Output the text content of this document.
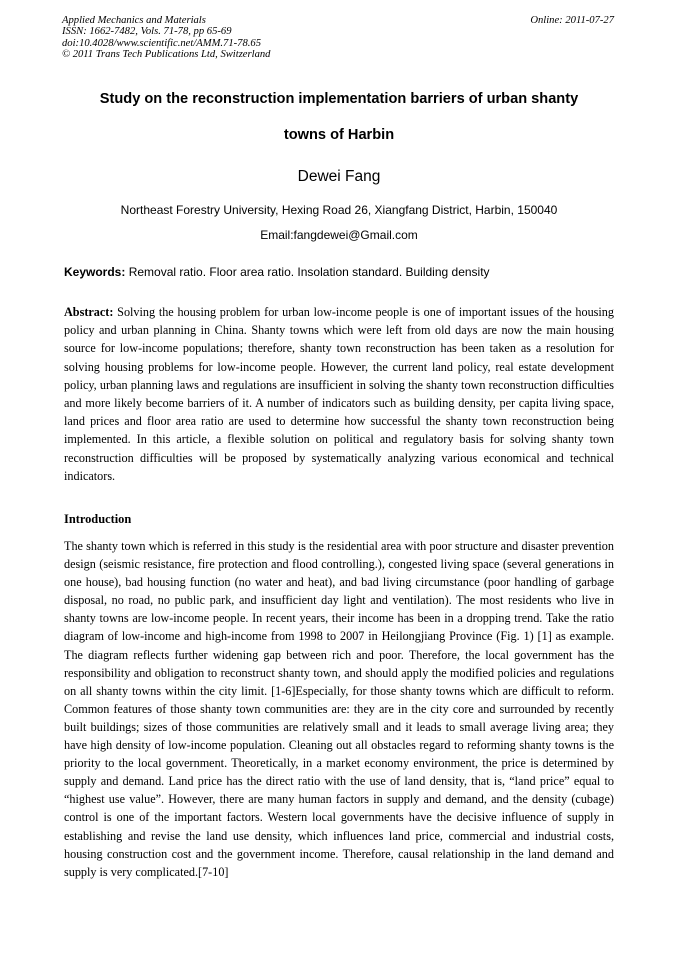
Applied Mechanics and Materials
ISSN: 1662-7482, Vols. 71-78, pp 65-69
doi:10.4028/www.scientific.net/AMM.71-78.65
© 2011 Trans Tech Publications Ltd, Switzerland
Online: 2011-07-27
Study on the reconstruction implementation barriers of urban shanty
towns of Harbin
Dewei Fang
Northeast Forestry University, Hexing Road 26, Xiangfang District, Harbin, 150040
Email:fangdewei@Gmail.com
Keywords: Removal ratio. Floor area ratio. Insolation standard. Building density
Abstract: Solving the housing problem for urban low-income people is one of important issues of the housing policy and urban planning in China. Shanty towns which were left from old days are now the main housing source for low-income populations; therefore, shanty town reconstruction has been taken as a resolution for solving housing problems for low-income people. However, the current land policy, real estate development policy, urban planning laws and regulations are insufficient in solving the shanty town reconstruction difficulties and more likely become barriers of it. A number of indicators such as building density, per capita living space, land prices and floor area ratio are used to determine how successful the shanty town reconstruction being implemented. In this article, a flexible solution on political and regulatory basis for solving shanty town reconstruction difficulties will be proposed by systematically analyzing various economical and technical indicators.
Introduction

The shanty town which is referred in this study is the residential area with poor structure and disaster prevention design (seismic resistance, fire protection and flood controlling.), congested living space (several generations in one house), bad housing function (no water and heat), and bad living circumstance (poor handling of garbage disposal, no road, no public park, and insufficient day light and ventilation). The most residents who live in shanty towns are low-income people. In recent years, their income has been in a dropping trend. Take the ratio diagram of low-income and high-income from 1998 to 2007 in Heilongjiang Province (Fig. 1) [1] as example. The diagram reflects further widening gap between rich and poor. Therefore, the local government has the responsibility and obligation to reconstruct shanty town, and should apply the modified policies and regulations on all shanty towns within the city limit. [1-6]Especially, for those shanty towns which are difficult to reform. Common features of those shanty town communities are: they are in the city core and surrounded by recently built buildings; sizes of those communities are relatively small and it leads to small average living area; they have high density of low-income population. Cleaning out all obstacles regard to reforming shanty towns is the priority to the local government. Theoretically, in a market economy environment, the price is determined by supply and demand. Land price has the direct ratio with the use of land density, that is, “land price” equal to “highest use value”. However, there are many human factors in supply and demand, and the density (cubage) control is one of the important factors. Western local governments have the decisive influence of supply in establishing and revise the land use density, which influences land price, commercial and industrial costs, housing construction cost and the government income. Therefore, causal relationship in the land demand and supply is very complicated.[7-10]
